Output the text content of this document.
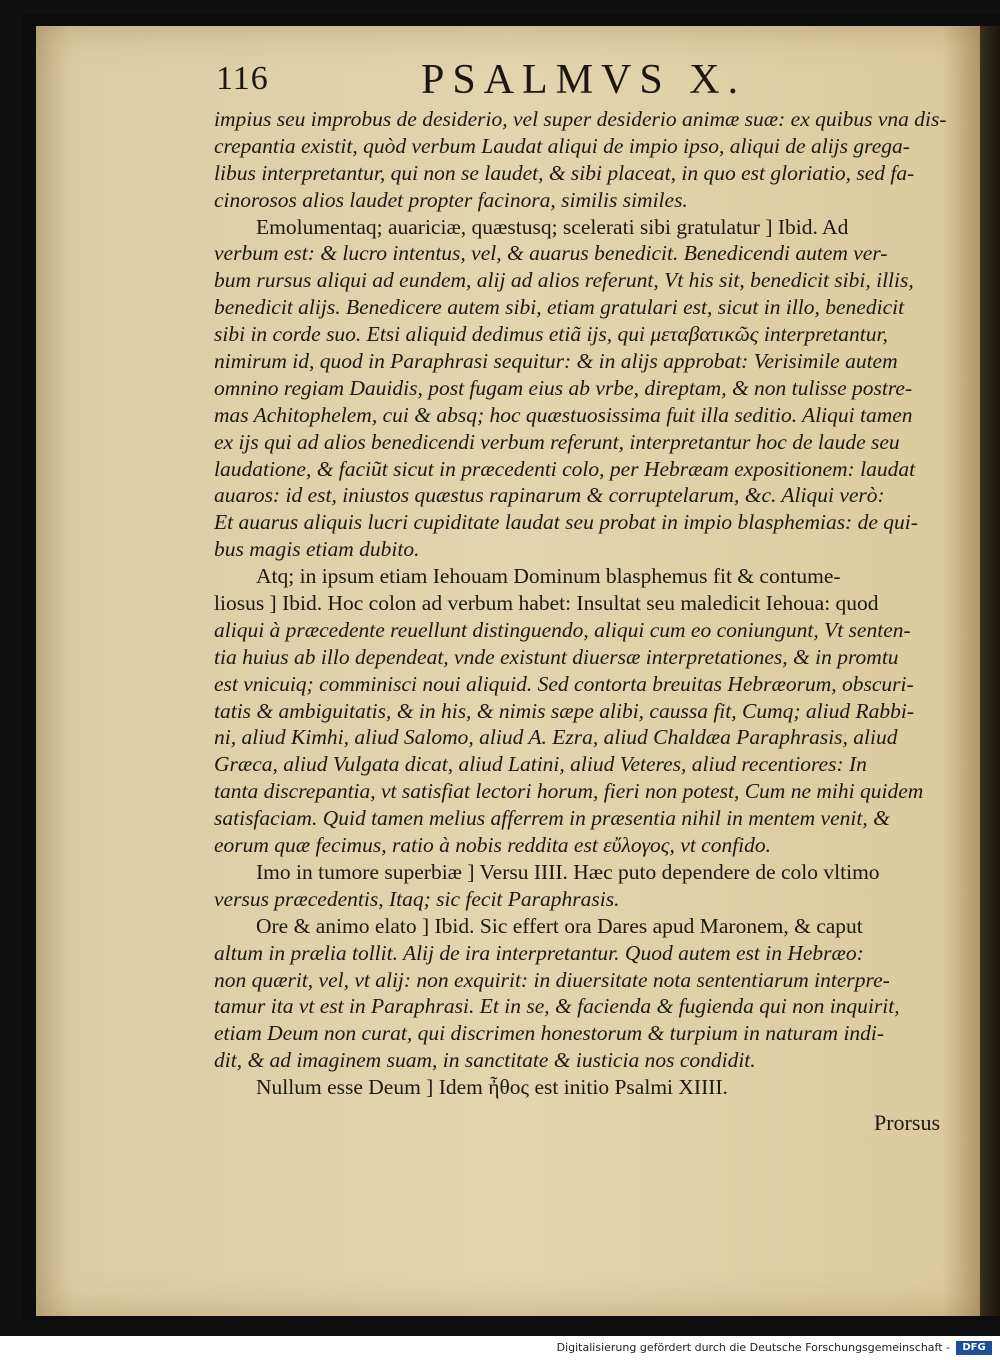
116	PSALMVS X.
impius seu improbus de desiderio, vel super desiderio animæ suæ: ex quibus vna dis-
crepantia existit, quòd verbum Laudat aliqui de impio ipso, aliqui de alijs grega-
libus interpretantur, qui non se laudet, & sibi placeat, in quo est gloriatio, sed fa-
cinorosos alios laudet propter facinora, similis similes.
Emolumentaq; auariciæ, quæstusq; scelerati sibi gratulatur ] Ibid. Ad
verbum est: & lucro intentus, vel, & auarus benedicit. Benedicendi autem ver-
bum rursus aliqui ad eundem, alij ad alios referunt, Vt his sit, benedicit sibi, illis,
benedicit alijs. Benedicere autem sibi, etiam gratulari est, sicut in illo, benedicit
sibi in corde suo. Etsi aliquid dedimus etiã ijs, qui μεταβατικῶς interpretantur,
nimirum id, quod in Paraphrasi sequitur: & in alijs approbat: Verisimile autem
omnino regiam Dauidis, post fugam eius ab vrbe, direptam, & non tulisse postre-
mas Achitophelem, cui & absq; hoc quæstuosissima fuit illa seditio. Aliqui tamen
ex ijs qui ad alios benedicendi verbum referunt, interpretantur hoc de laude seu
laudatione, & faciũt sicut in præcedenti colo, per Hebræam expositionem: laudat
auaros: id est, iniustos quæstus rapinarum & corruptelarum, &c. Aliqui verò:
Et auarus aliquis lucri cupiditate laudat seu probat in impio blasphemias: de qui-
bus magis etiam dubito.
Atq; in ipsum etiam Iehouam Dominum blasphemus fit & contume-
liosus ] Ibid. Hoc colon ad verbum habet: Insultat seu maledicit Iehoua: quod
aliqui à præcedente reuellunt distinguendo, aliqui cum eo coniungunt, Vt senten-
tia huius ab illo dependeat, vnde existunt diuersæ interpretationes, & in promtu
est vnicuiq; comminisci noui aliquid. Sed contorta breuitas Hebræorum, obscuri-
tatis & ambiguitatis, & in his, & nimis sæpe alibi, caussa fit, Cumq; aliud Rabbi-
ni, aliud Kimhi, aliud Salomo, aliud A. Ezra, aliud Chaldæa Paraphrasis, aliud
Græca, aliud Vulgata dicat, aliud Latini, aliud Veteres, aliud recentiores: In
tanta discrepantia, vt satisfiat lectori horum, fieri non potest, Cum ne mihi quidem
satisfaciam. Quid tamen melius afferrem in præsentia nihil in mentem venit, &
eorum quæ fecimus, ratio à nobis reddita est εὔλογος, vt confido.
Imo in tumore superbiæ ] Versu IIII. Hæc puto dependere de colo vltimo
versus præcedentis, Itaq; sic fecit Paraphrasis.
Ore & animo elato ] Ibid. Sic effert ora Dares apud Maronem, & caput
altum in prælia tollit. Alij de ira interpretantur. Quod autem est in Hebræo:
non quærit, vel, vt alij: non exquirit: in diuersitate nota sententiarum interpre-
tamur ita vt est in Paraphrasi. Et in se, & facienda & fugienda qui non inquirit,
etiam Deum non curat, qui discrimen honestorum & turpium in naturam indi-
dit, & ad imaginem suam, in sanctitate & iusticia nos condidit.
Nullum esse Deum ] Idem ἦθος est initio Psalmi XIIII.
Prorsus
Digitalisierung gefördert durch die Deutsche Forschungsgemeinschaft -	DFG
